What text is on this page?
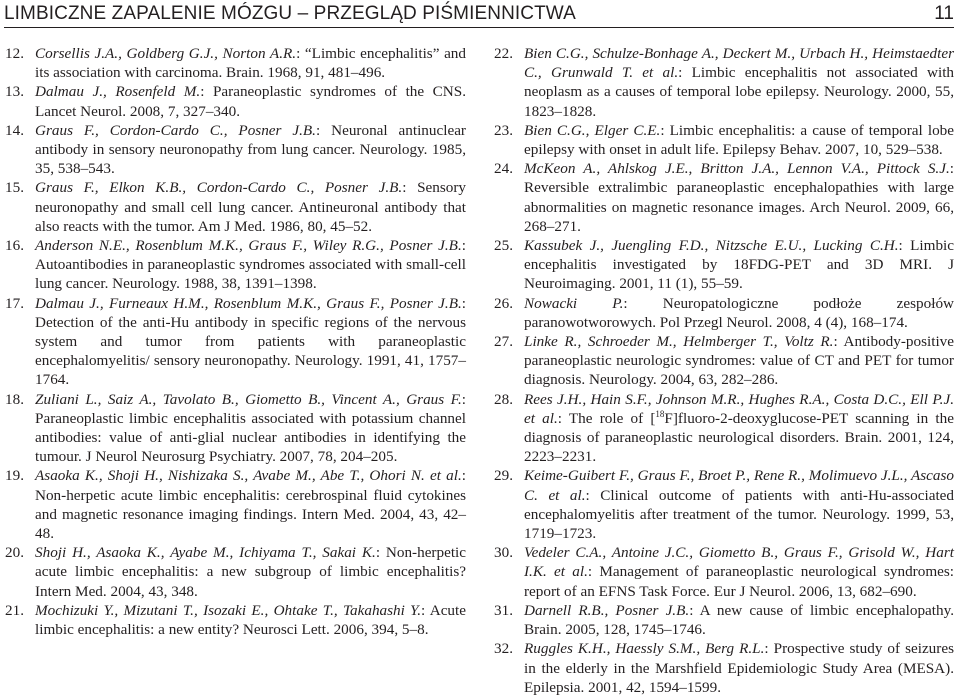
LIMBICZNE ZAPALENIE MÓZGU – PRZEGLĄD PIŚMIENNICTWA	11
12. Corsellis J.A., Goldberg G.J., Norton A.R.: “Limbic encephalitis” and its association with carcinoma. Brain. 1968, 91, 481–496.
13. Dalmau J., Rosenfeld M.: Paraneoplastic syndromes of the CNS. Lancet Neurol. 2008, 7, 327–340.
14. Graus F., Cordon-Cardo C., Posner J.B.: Neuronal antinuclear antibody in sensory neuronopathy from lung cancer. Neurology. 1985, 35, 538–543.
15. Graus F., Elkon K.B., Cordon-Cardo C., Posner J.B.: Sensory neuronopathy and small cell lung cancer. Antineuronal antibody that also reacts with the tumor. Am J Med. 1986, 80, 45–52.
16. Anderson N.E., Rosenblum M.K., Graus F., Wiley R.G., Posner J.B.: Autoantibodies in paraneoplastic syndromes associated with small-cell lung cancer. Neurology. 1988, 38, 1391–1398.
17. Dalmau J., Furneaux H.M., Rosenblum M.K., Graus F., Posner J.B.: Detection of the anti-Hu antibody in specific regions of the nervous system and tumor from patients with paraneoplastic encephalomyelitis/ sensory neuronopathy. Neurology. 1991, 41, 1757–1764.
18. Zuliani L., Saiz A., Tavolato B., Giometto B., Vincent A., Graus F.: Paraneoplastic limbic encephalitis associated with potassium channel antibodies: value of anti-glial nuclear antibodies in identifying the tumour. J Neurol Neurosurg Psychiatry. 2007, 78, 204–205.
19. Asaoka K., Shoji H., Nishizaka S., Avabe M., Abe T., Ohori N. et al.: Non-herpetic acute limbic encephalitis: cerebrospinal fluid cytokines and magnetic resonance imaging findings. Intern Med. 2004, 43, 42–48.
20. Shoji H., Asaoka K., Ayabe M., Ichiyama T., Sakai K.: Non-herpetic acute limbic encephalitis: a new subgroup of limbic encephalitis? Intern Med. 2004, 43, 348.
21. Mochizuki Y., Mizutani T., Isozaki E., Ohtake T., Takahashi Y.: Acute limbic encephalitis: a new entity? Neurosci Lett. 2006, 394, 5–8.
22. Bien C.G., Schulze-Bonhage A., Deckert M., Urbach H., Heimstaedter C., Grunwald T. et al.: Limbic encephalitis not associated with neoplasm as a causes of temporal lobe epilepsy. Neurology. 2000, 55, 1823–1828.
23. Bien C.G., Elger C.E.: Limbic encephalitis: a cause of temporal lobe epilepsy with onset in adult life. Epilepsy Behav. 2007, 10, 529–538.
24. McKeon A., Ahlskog J.E., Britton J.A., Lennon V.A., Pittock S.J.: Reversible extralimbic paraneoplastic encephalopathies with large abnormalities on magnetic resonance images. Arch Neurol. 2009, 66, 268–271.
25. Kassubek J., Juengling F.D., Nitzsche E.U., Lucking C.H.: Limbic encephalitis investigated by 18FDG-PET and 3D MRI. J Neuroimaging. 2001, 11 (1), 55–59.
26. Nowacki P.: Neuropatologiczne podłoże zespołów paranowotworowych. Pol Przegl Neurol. 2008, 4 (4), 168–174.
27. Linke R., Schroeder M., Helmberger T., Voltz R.: Antibody-positive paraneoplastic neurologic syndromes: value of CT and PET for tumor diagnosis. Neurology. 2004, 63, 282–286.
28. Rees J.H., Hain S.F., Johnson M.R., Hughes R.A., Costa D.C., Ell P.J. et al.: The role of [$^{18}$F]fluoro-2-deoxyglucose-PET scanning in the diagnosis of paraneoplastic neurological disorders. Brain. 2001, 124, 2223–2231.
29. Keime-Guibert F., Graus F., Broet P., Rene R., Molimuevo J.L., Ascaso C. et al.: Clinical outcome of patients with anti-Hu-associated encephalomyelitis after treatment of the tumor. Neurology. 1999, 53, 1719–1723.
30. Vedeler C.A., Antoine J.C., Giometto B., Graus F., Grisold W., Hart I.K. et al.: Management of paraneoplastic neurological syndromes: report of an EFNS Task Force. Eur J Neurol. 2006, 13, 682–690.
31. Darnell R.B., Posner J.B.: A new cause of limbic encephalopathy. Brain. 2005, 128, 1745–1746.
32. Ruggles K.H., Haessly S.M., Berg R.L.: Prospective study of seizures in the elderly in the Marshfield Epidemiologic Study Area (MESA). Epilepsia. 2001, 42, 1594–1599.
